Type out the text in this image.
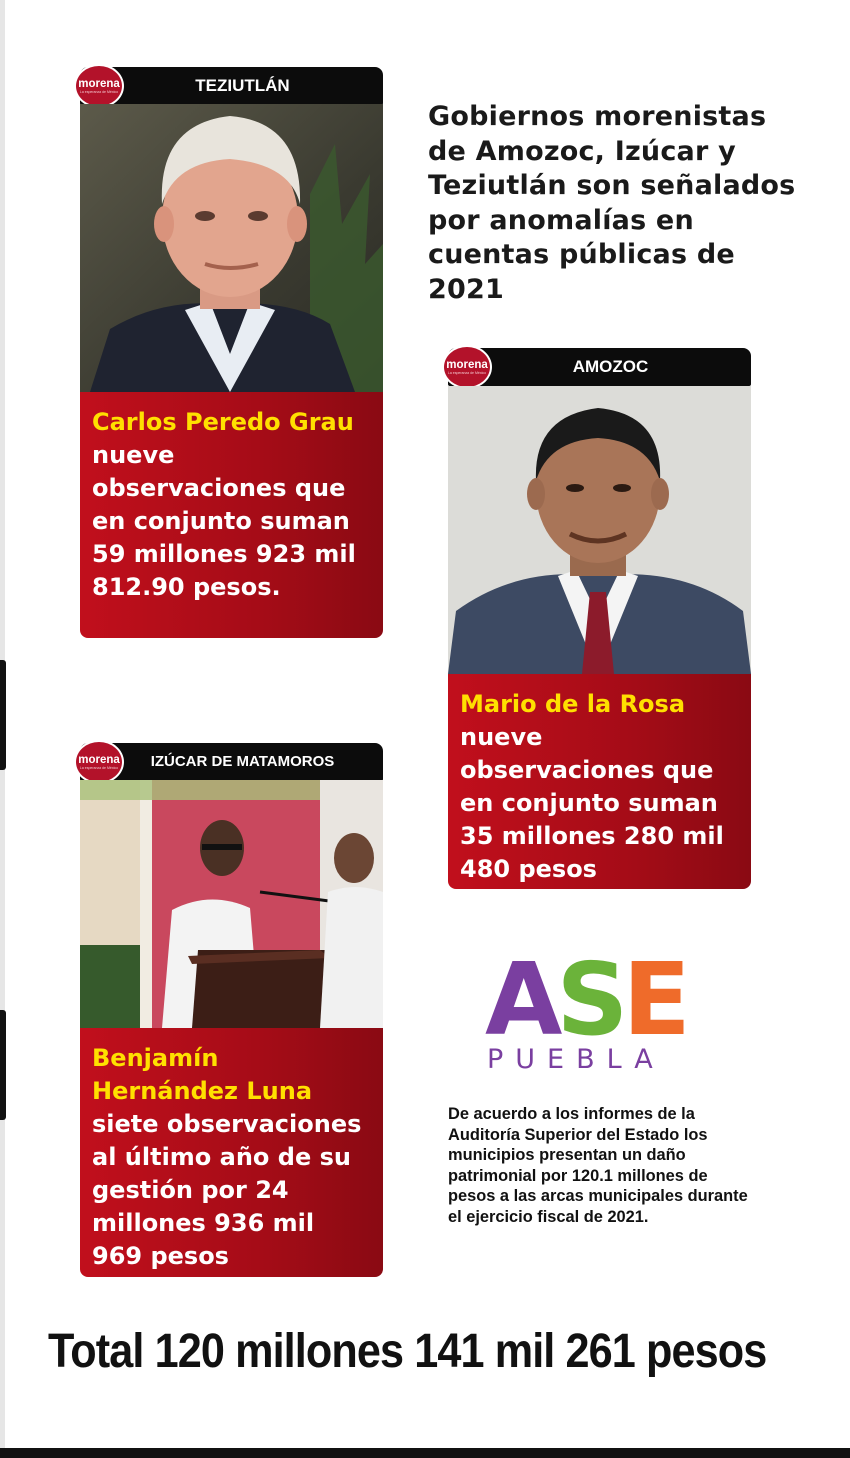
Gobiernos morenistas de Amozoc, Izúcar y Teziutlán son señalados por anomalías en cuentas públicas de 2021
TEZIUTLÁN
morena
La esperanza de México
Carlos Peredo Grau
nueve observaciones que en conjunto suman 59 millones 923 mil 812.90 pesos.
AMOZOC
morena
La esperanza de México
Mario de la Rosa
nueve observaciones que en conjunto suman 35 millones 280 mil 480 pesos
IZÚCAR DE MATAMOROS
morena
La esperanza de México
Benjamín Hernández Luna
siete observaciones al último año de su gestión por 24 millones 936 mil 969 pesos
ASE
PUEBLA
De acuerdo a los informes de la Auditoría Superior del Estado los municipios presentan un daño patrimonial por 120.1 millones de pesos a las arcas municipales durante el ejercicio fiscal de 2021.
Total 120 millones 141 mil 261 pesos
